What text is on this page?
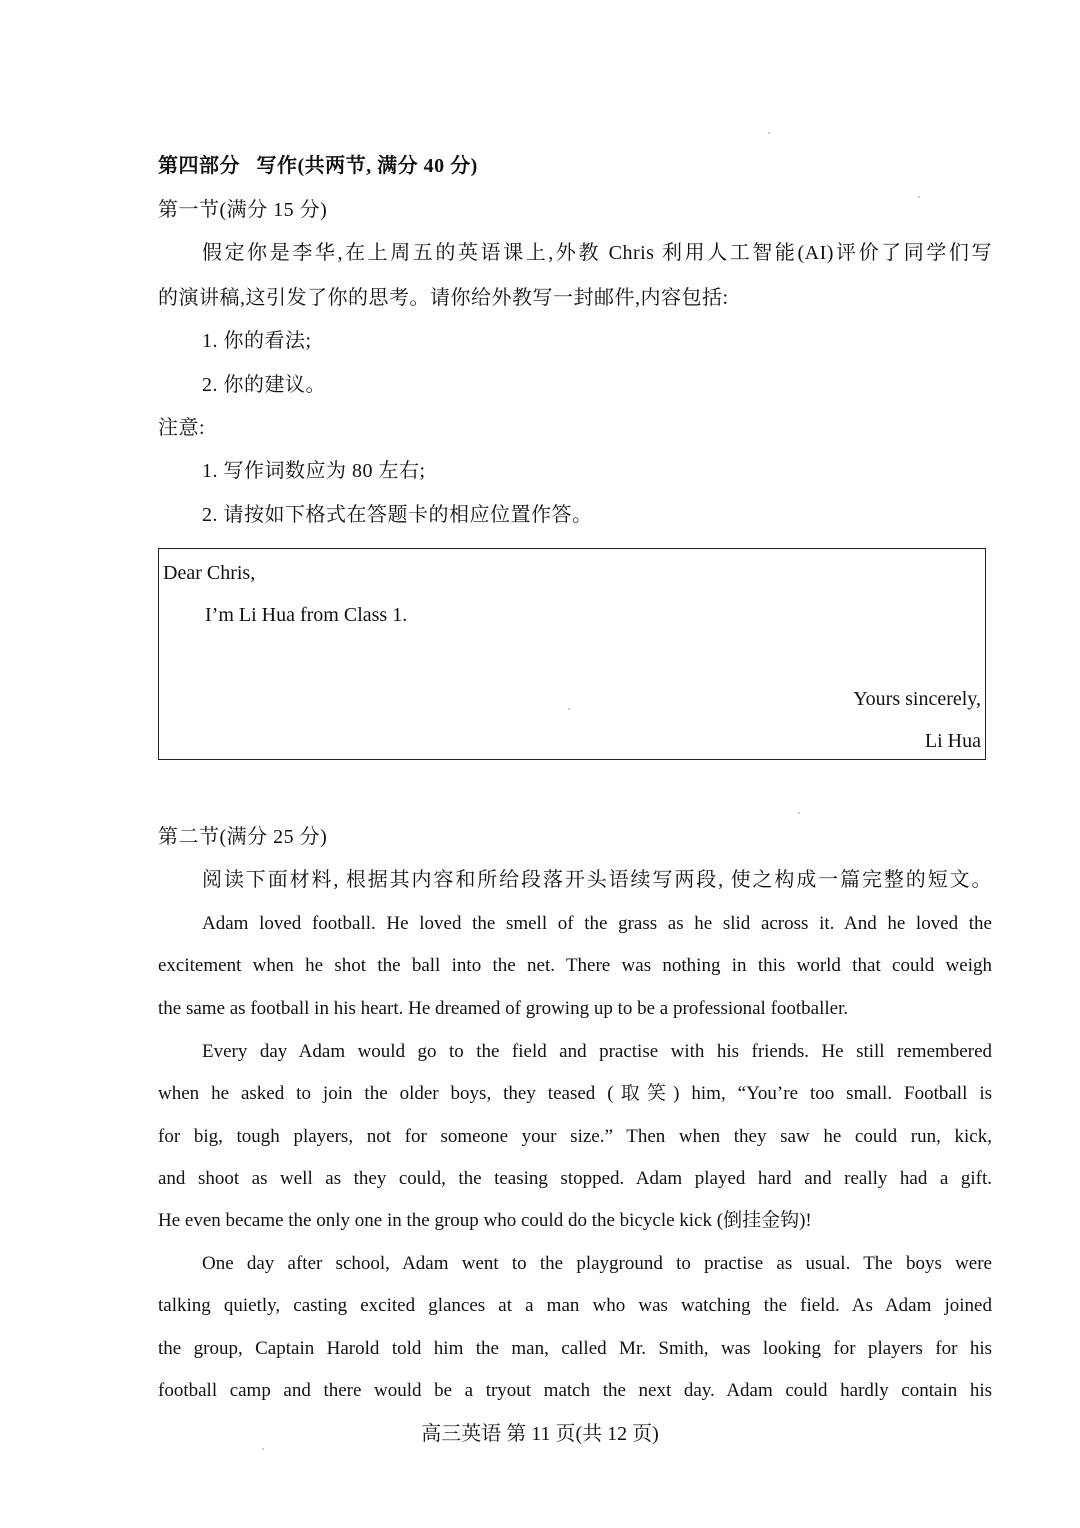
第四部分 写作(共两节, 满分 40 分)
第一节(满分 15 分)
假定你是李华,在上周五的英语课上,外教 Chris 利用人工智能(AI)评价了同学们写
的演讲稿,这引发了你的思考。请你给外教写一封邮件,内容包括:
1. 你的看法;
2. 你的建议。
注意:
1. 写作词数应为 80 左右;
2. 请按如下格式在答题卡的相应位置作答。
Dear Chris,
I’m Li Hua from Class 1.
Yours sincerely,
Li Hua
第二节(满分 25 分)
阅读下面材料, 根据其内容和所给段落开头语续写两段, 使之构成一篇完整的短文。
Adam loved football. He loved the smell of the grass as he slid across it. And he loved the
excitement when he shot the ball into the net. There was nothing in this world that could weigh
the same as football in his heart. He dreamed of growing up to be a professional footballer.
Every day Adam would go to the field and practise with his friends. He still remembered
when he asked to join the older boys, they teased (取笑) him, “You’re too small. Football is
for big, tough players, not for someone your size.” Then when they saw he could run, kick,
and shoot as well as they could, the teasing stopped. Adam played hard and really had a gift.
He even became the only one in the group who could do the bicycle kick (倒挂金钩)!
One day after school, Adam went to the playground to practise as usual. The boys were
talking quietly, casting excited glances at a man who was watching the field. As Adam joined
the group, Captain Harold told him the man, called Mr. Smith, was looking for players for his
football camp and there would be a tryout match the next day. Adam could hardly contain his
高三英语 第 11 页(共 12 页)
